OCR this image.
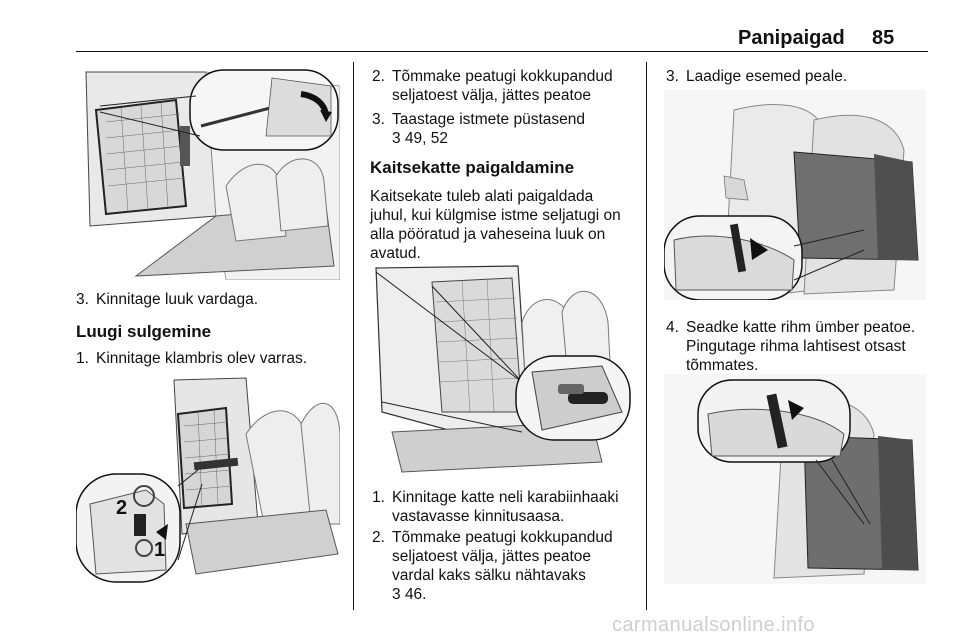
Panipaigad 85
3. Kinnitage luuk vardaga.
Luugi sulgemine
1. Kinnitage klambris olev varras.
2
1
2. Tõmmake peatugi kokkupandud
seljatoest välja, jättes peatoe
3. Taastage istmete püstasend
3 49, 52
Kaitsekatte paigaldamine
Kaitsekate tuleb alati paigaldada
juhul, kui külgmise istme seljatugi on
alla pööratud ja vaheseina luuk on
avatud.
1. Kinnitage katte neli karabiinhaaki
vastavasse kinnitusaasa.
2. Tõmmake peatugi kokkupandud
seljatoest välja, jättes peatoe
vardal kaks sälku nähtavaks
3 46.
3. Laadige esemed peale.
4. Seadke katte rihm ümber peatoe.
Pingutage rihma lahtisest otsast
tõmmates.
carmanualsonline.info
